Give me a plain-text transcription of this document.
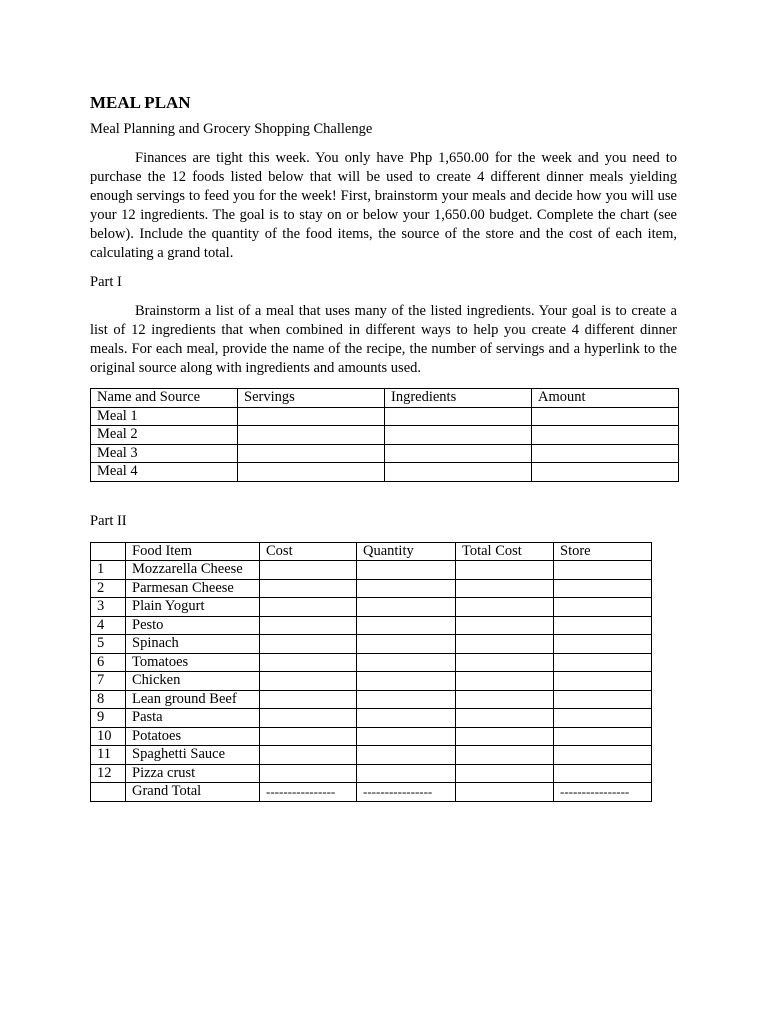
MEAL PLAN
Meal Planning and Grocery Shopping Challenge

Finances are tight this week. You only have Php 1,650.00 for the week and you need to purchase the 12 foods listed below that will be used to create 4 different dinner meals yielding enough servings to feed you for the week! First, brainstorm your meals and decide how you will use your 12 ingredients. The goal is to stay on or below your 1,650.00 budget. Complete the chart (see below). Include the quantity of the food items, the source of the store and the cost of each item, calculating a grand total.

Part I

Brainstorm a list of a meal that uses many of the listed ingredients. Your goal is to create a list of 12 ingredients that when combined in different ways to help you create 4 different dinner meals. For each meal, provide the name of the recipe, the number of servings and a hyperlink to the original source along with ingredients and amounts used.

Name and Source	Servings	Ingredients	Amount
Meal 1			
Meal 2			
Meal 3			
Meal 4			
Part II
	Food Item	Cost	Quantity	Total Cost	Store
1	Mozzarella Cheese				
2	Parmesan Cheese				
3	Plain Yogurt				
4	Pesto				
5	Spinach				
6	Tomatoes				
7	Chicken				
8	Lean ground Beef				
9	Pasta				
10	Potatoes				
11	Spaghetti Sauce				
12	Pizza crust				
	Grand Total	----------------	----------------		----------------
